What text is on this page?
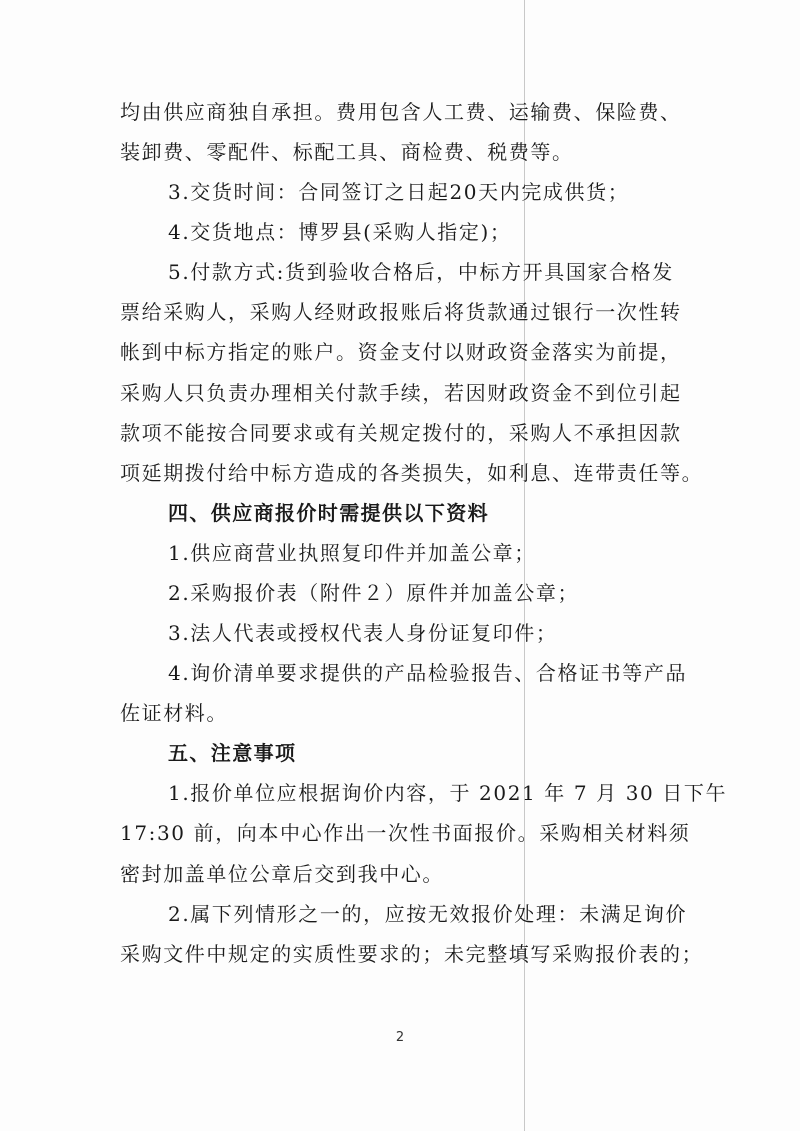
均由供应商独自承担。费用包含人工费、运输费、保险费、
装卸费、零配件、标配工具、商检费、税费等。
3.交货时间：合同签订之日起20天内完成供货；
4.交货地点：博罗县(采购人指定)；
5.付款方式:货到验收合格后，中标方开具国家合格发
票给采购人，采购人经财政报账后将货款通过银行一次性转
帐到中标方指定的账户。资金支付以财政资金落实为前提，
采购人只负责办理相关付款手续，若因财政资金不到位引起
款项不能按合同要求或有关规定拨付的，采购人不承担因款
项延期拨付给中标方造成的各类损失，如利息、连带责任等。
四、供应商报价时需提供以下资料
1.供应商营业执照复印件并加盖公章；
2.采购报价表（附件２）原件并加盖公章；
3.法人代表或授权代表人身份证复印件；
4.询价清单要求提供的产品检验报告、合格证书等产品
佐证材料。
五、注意事项
1.报价单位应根据询价内容，于 2021 年 7 月 30 日下午
17:30 前，向本中心作出一次性书面报价。采购相关材料须
密封加盖单位公章后交到我中心。
2.属下列情形之一的，应按无效报价处理：未满足询价
采购文件中规定的实质性要求的；未完整填写采购报价表的；
2
